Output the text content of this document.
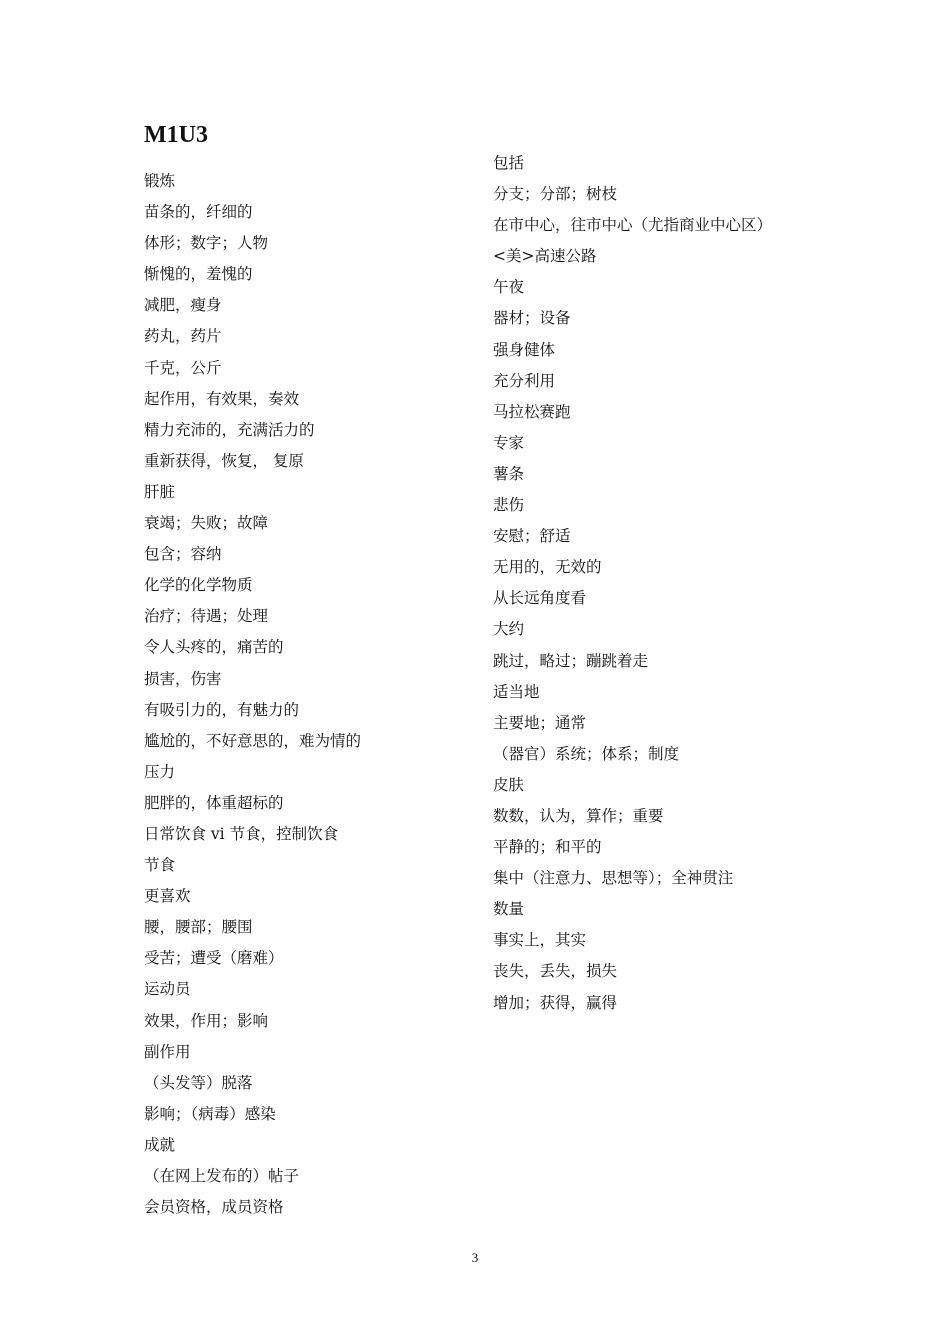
M1U3
锻炼
苗条的，纤细的
体形；数字；人物
惭愧的，羞愧的
减肥，瘦身
药丸，药片
千克，公斤
起作用，有效果，奏效
精力充沛的，充满活力的
重新获得，恢复， 复原
肝脏
衰竭；失败；故障
包含；容纳
化学的化学物质
治疗；待遇；处理
令人头疼的，痛苦的
损害，伤害
有吸引力的，有魅力的
尴尬的，不好意思的，难为情的
压力
肥胖的，体重超标的
日常饮食 vi 节食，控制饮食
节食
更喜欢
腰，腰部；腰围
受苦；遭受（磨难）
运动员
效果，作用；影响
副作用
（头发等）脱落
影响；（病毒）感染
成就
（在网上发布的）帖子
会员资格，成员资格
包括
分支；分部；树枝
在市中心，往市中心（尤指商业中心区）
<美>高速公路
午夜
器材；设备
强身健体
充分利用
马拉松赛跑
专家
薯条
悲伤
安慰；舒适
无用的，无效的
从长远角度看
大约
跳过，略过；蹦跳着走
适当地
主要地；通常
（器官）系统；体系；制度
皮肤
数数，认为，算作；重要
平静的；和平的
集中（注意力、思想等）；全神贯注
数量
事实上，其实
丧失，丢失，损失
增加；获得，赢得
3
